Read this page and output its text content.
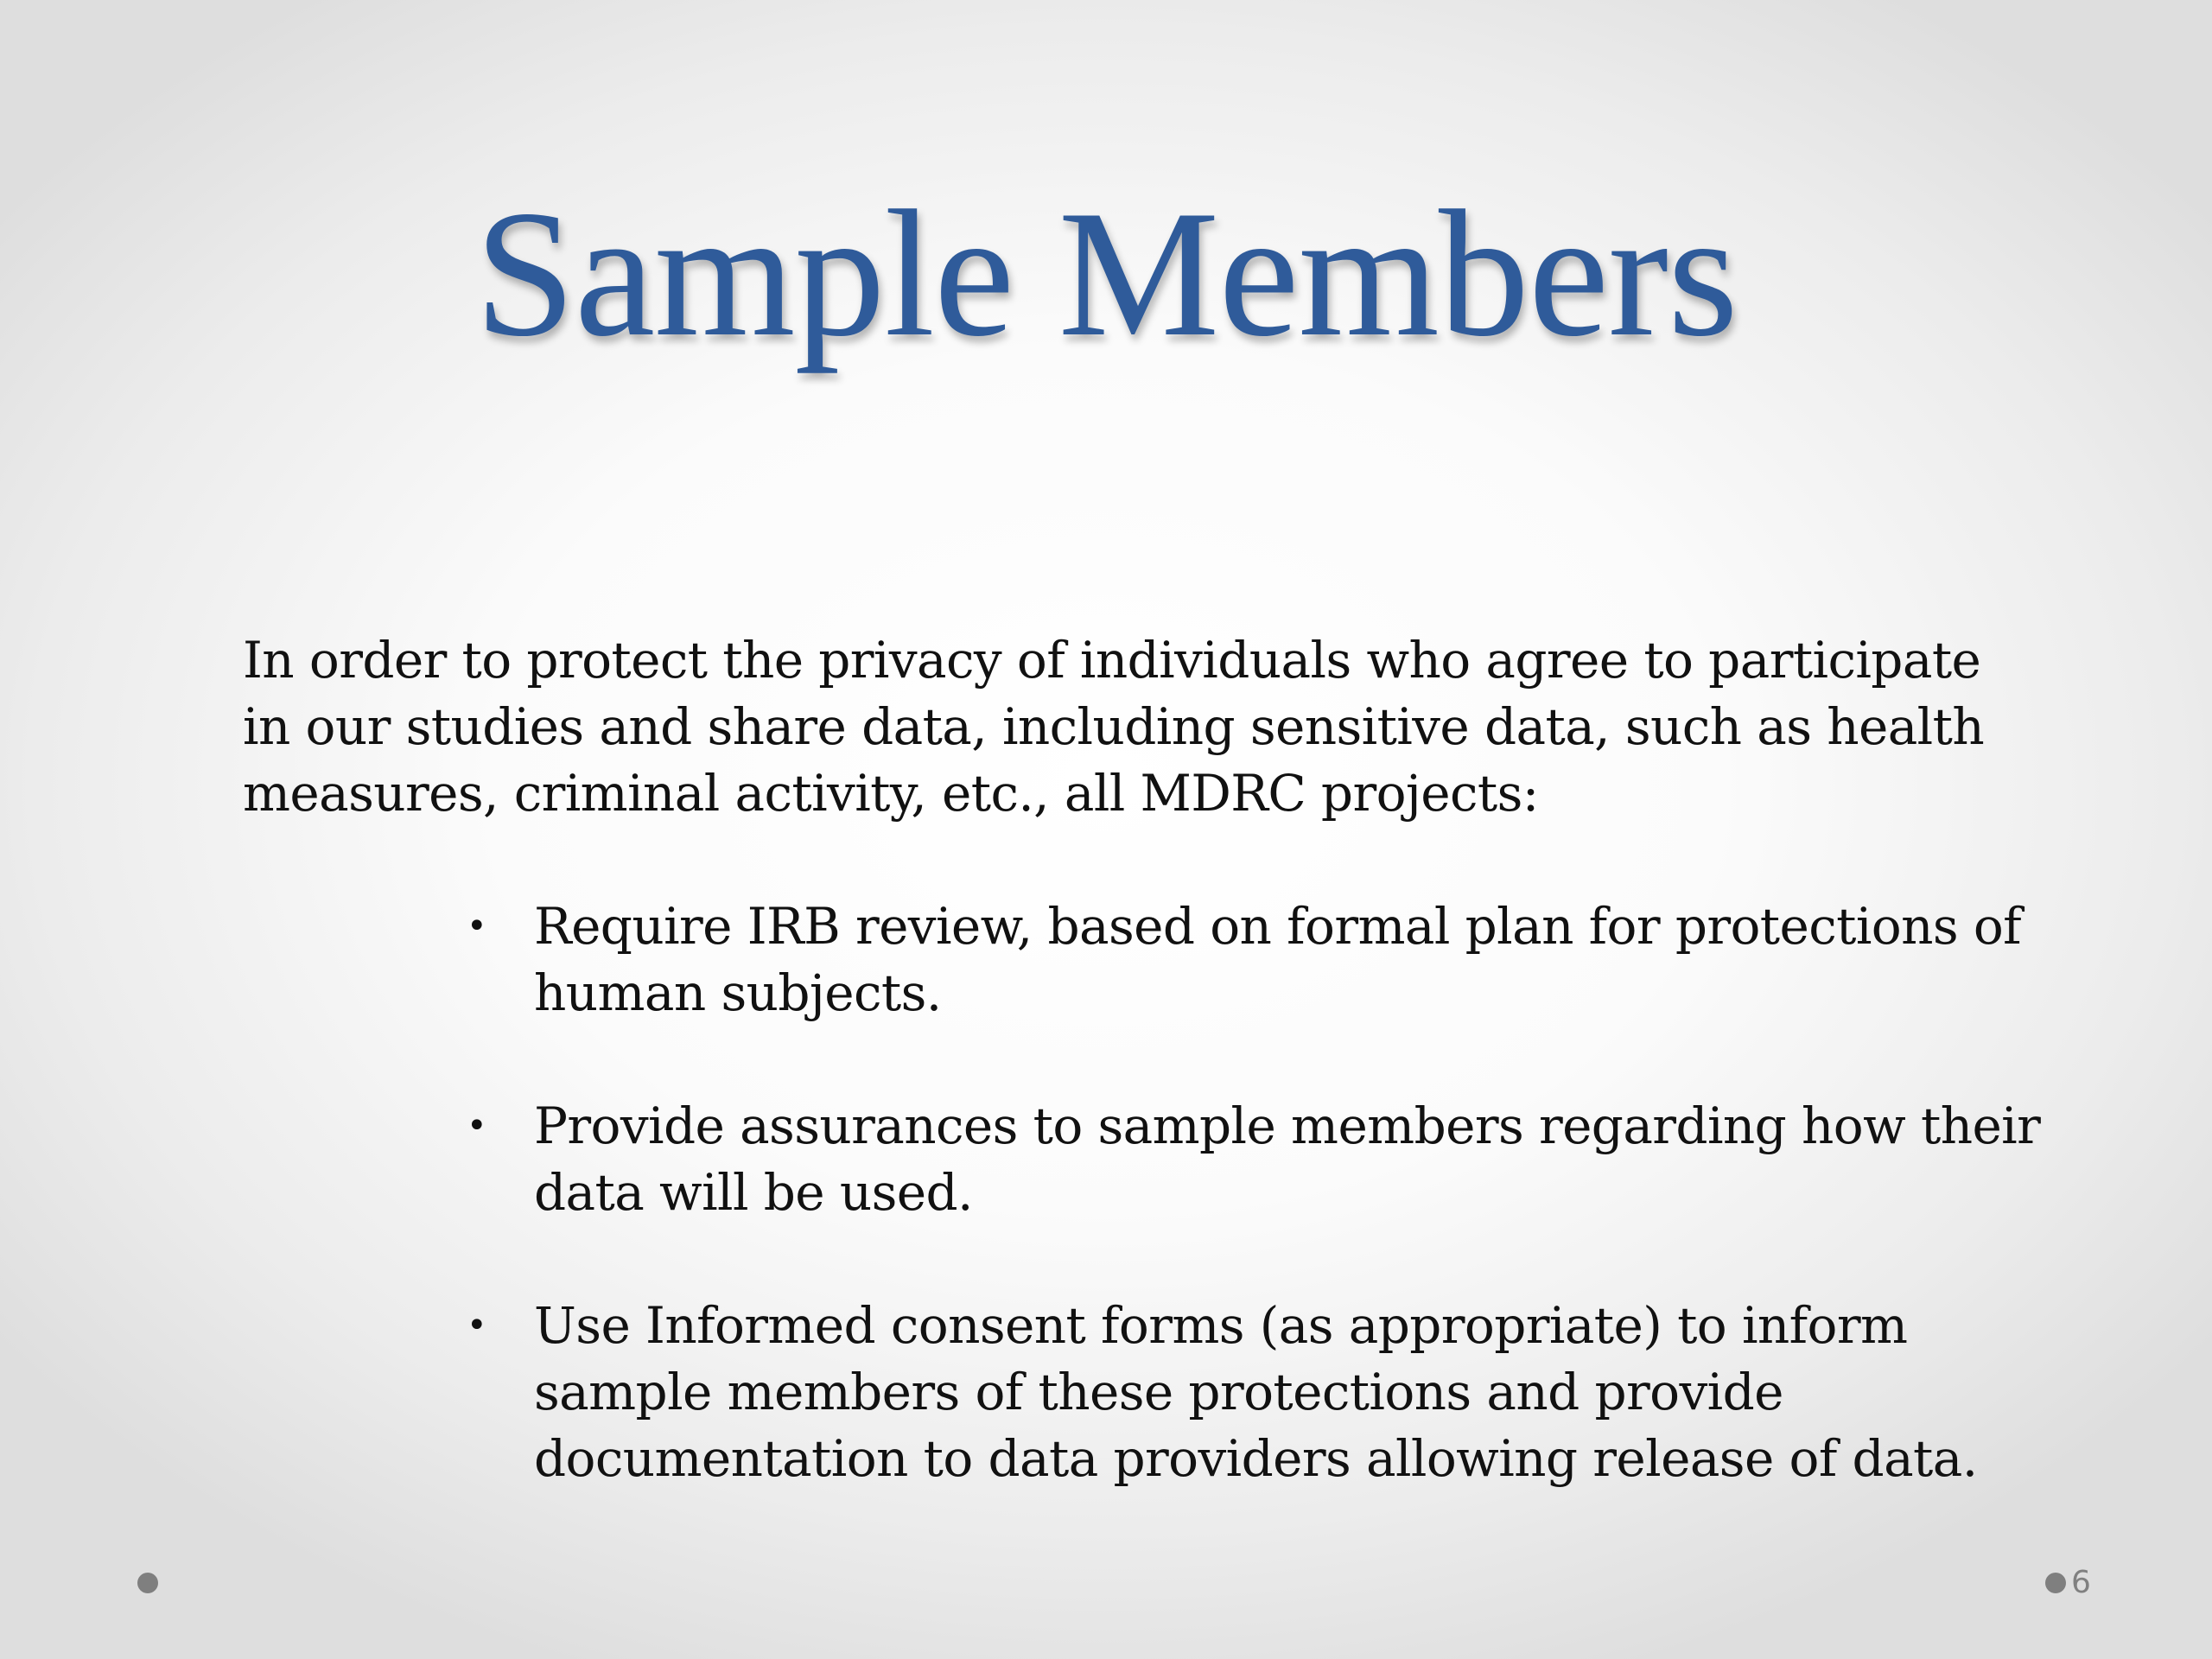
Sample Members

In order to protect the privacy of individuals who agree to participate
in our studies and share data, including sensitive data, such as health
measures, criminal activity, etc., all MDRC projects:

• Require IRB review, based on formal plan for protections of
human subjects.
• Provide assurances to sample members regarding how their
data will be used.
• Use Informed consent forms (as appropriate) to inform
sample members of these protections and provide
documentation to data providers allowing release of data.
6
